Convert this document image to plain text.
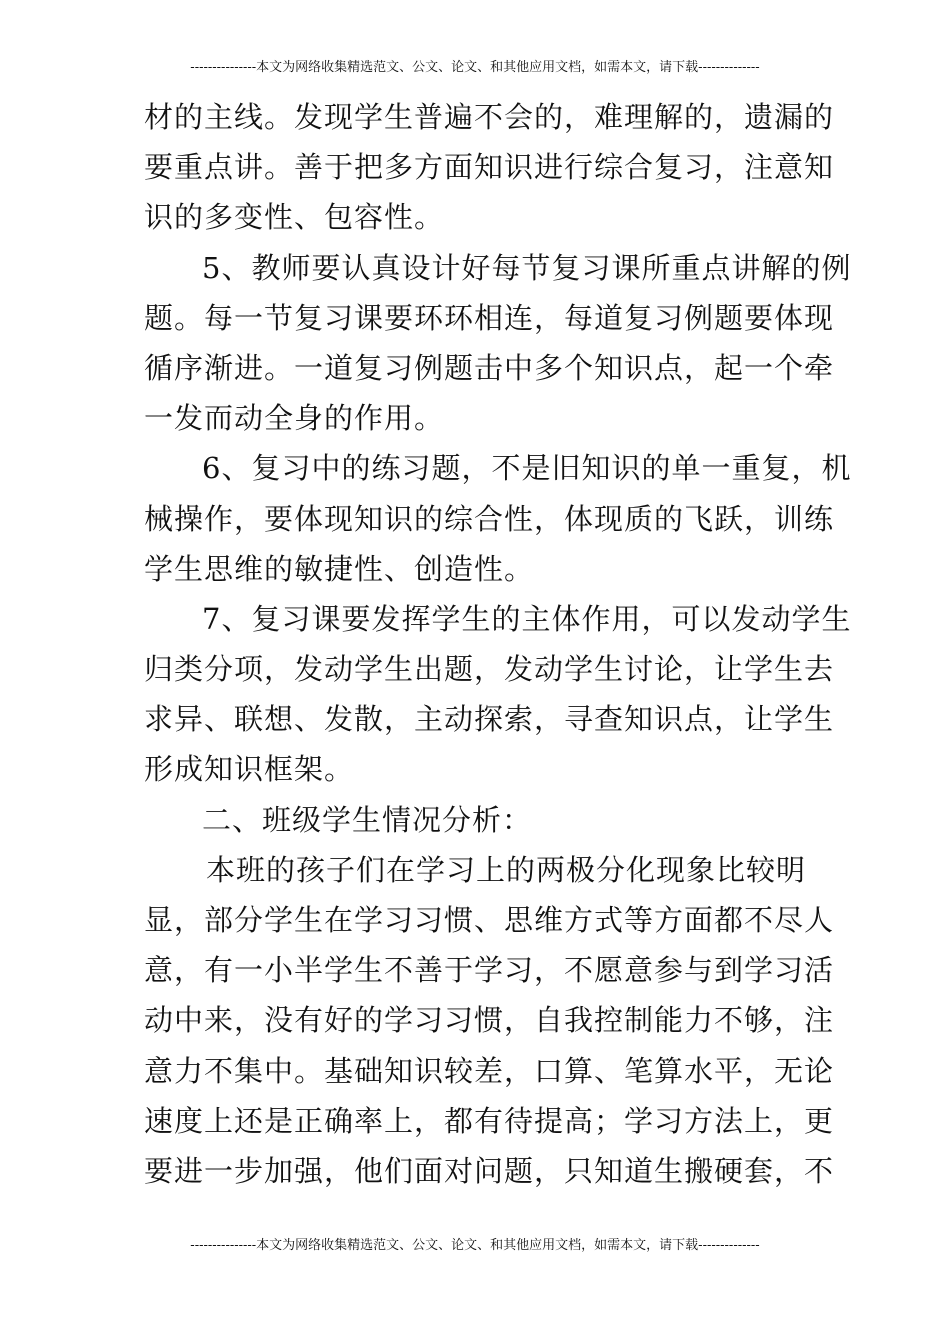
---------------本文为网络收集精选范文、公文、论文、和其他应用文档，如需本文，请下载--------------
材的主线。发现学生普遍不会的，难理解的，遗漏的
要重点讲。善于把多方面知识进行综合复习，注意知
识的多变性、包容性。
5、教师要认真设计好每节复习课所重点讲解的例
题。每一节复习课要环环相连，每道复习例题要体现
循序渐进。一道复习例题击中多个知识点，起一个牵
一发而动全身的作用。
6、复习中的练习题，不是旧知识的单一重复，机
械操作，要体现知识的综合性，体现质的飞跃，训练
学生思维的敏捷性、创造性。
7、复习课要发挥学生的主体作用，可以发动学生
归类分项，发动学生出题，发动学生讨论，让学生去
求异、联想、发散，主动探索，寻查知识点，让学生
形成知识框架。
二、班级学生情况分析：
本班的孩子们在学习上的两极分化现象比较明
显，部分学生在学习习惯、思维方式等方面都不尽人
意，有一小半学生不善于学习，不愿意参与到学习活
动中来，没有好的学习习惯，自我控制能力不够，注
意力不集中。基础知识较差，口算、笔算水平，无论
速度上还是正确率上，都有待提高；学习方法上，更
要进一步加强，他们面对问题，只知道生搬硬套，不
---------------本文为网络收集精选范文、公文、论文、和其他应用文档，如需本文，请下载--------------
